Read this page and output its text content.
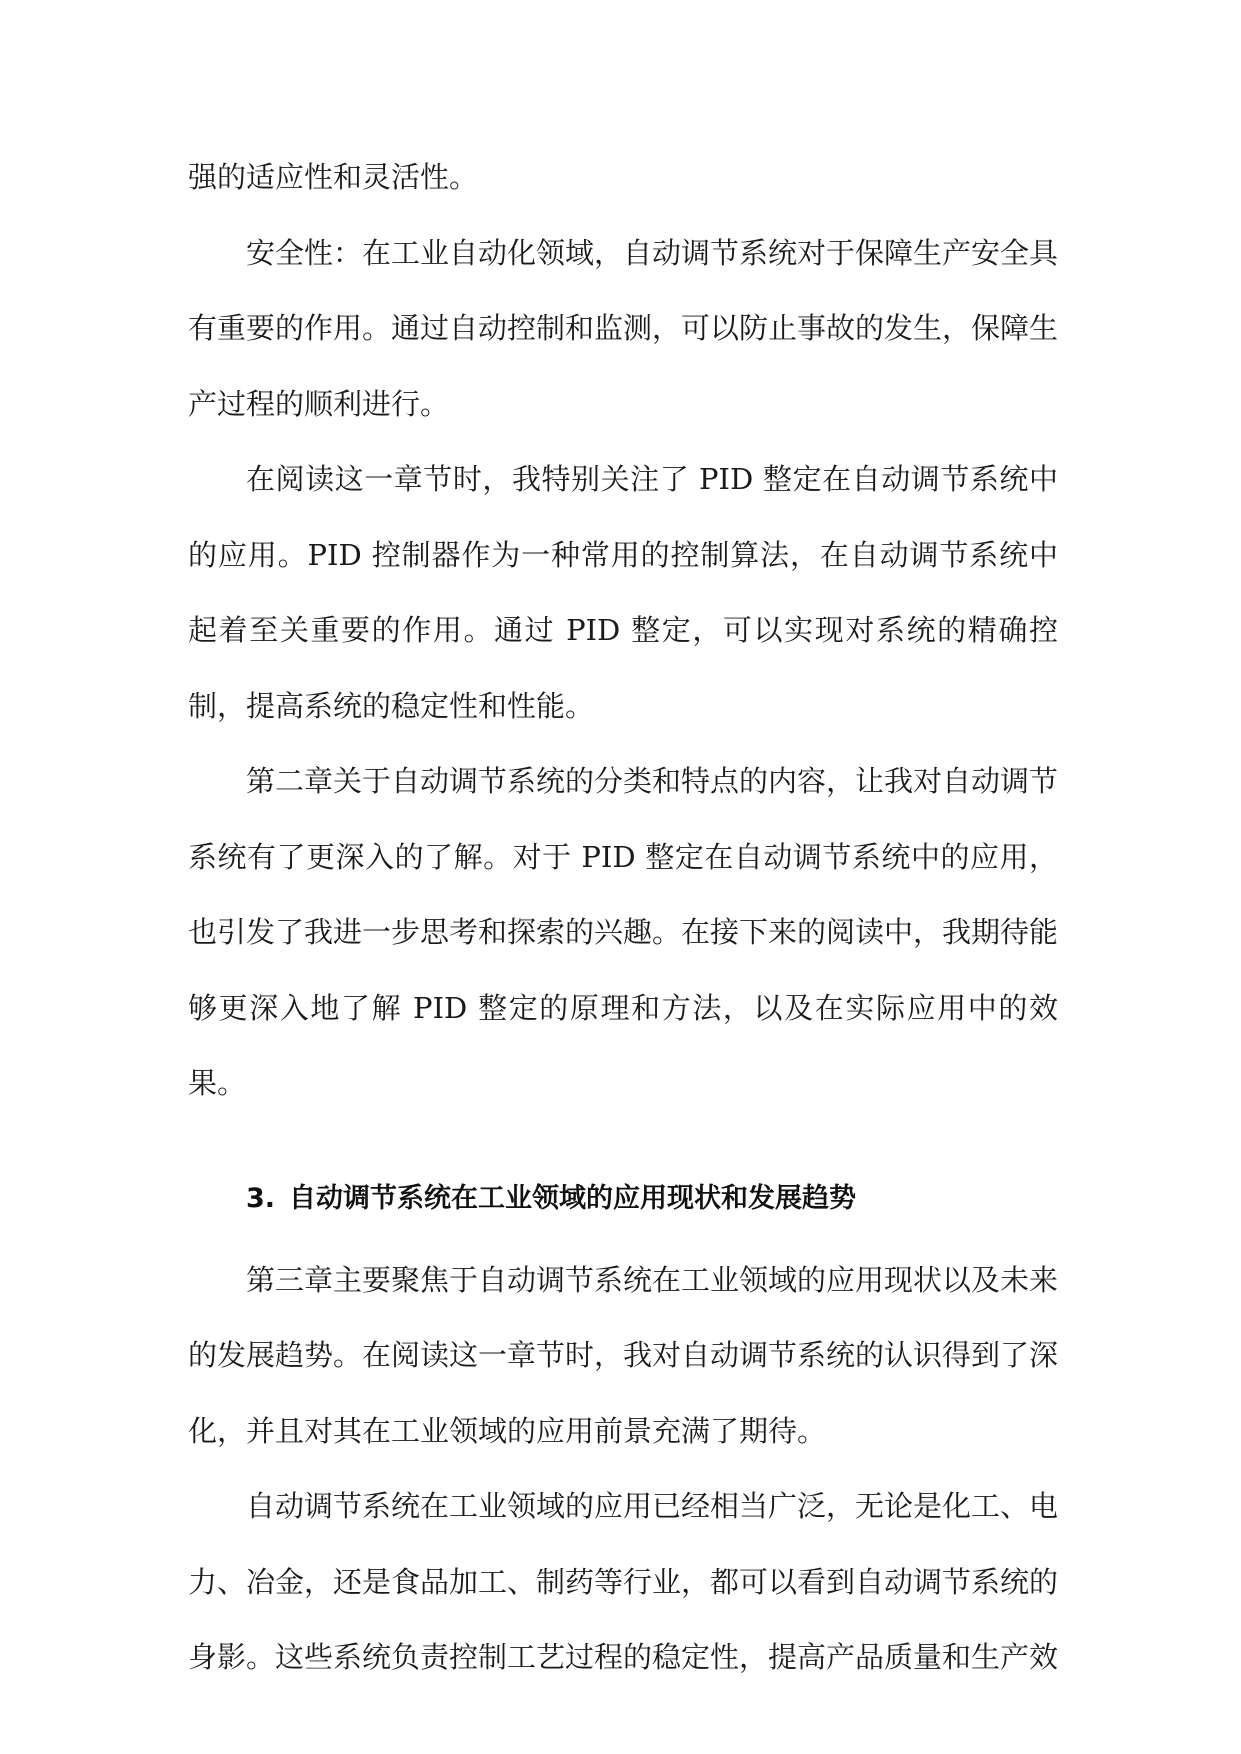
强的适应性和灵活性。

安全性：在工业自动化领域，自动调节系统对于保障生产安全具有重要的作用。通过自动控制和监测，可以防止事故的发生，保障生产过程的顺利进行。

在阅读这一章节时，我特别关注了 PID 整定在自动调节系统中的应用。PID 控制器作为一种常用的控制算法，在自动调节系统中起着至关重要的作用。通过 PID 整定，可以实现对系统的精确控制，提高系统的稳定性和性能。

第二章关于自动调节系统的分类和特点的内容，让我对自动调节系统有了更深入的了解。对于 PID 整定在自动调节系统中的应用，也引发了我进一步思考和探索的兴趣。在接下来的阅读中，我期待能够更深入地了解 PID 整定的原理和方法，以及在实际应用中的效果。

3. 自动调节系统在工业领域的应用现状和发展趋势

第三章主要聚焦于自动调节系统在工业领域的应用现状以及未来的发展趋势。在阅读这一章节时，我对自动调节系统的认识得到了深化，并且对其在工业领域的应用前景充满了期待。

自动调节系统在工业领域的应用已经相当广泛，无论是化工、电力、冶金，还是食品加工、制药等行业，都可以看到自动调节系统的身影。这些系统负责控制工艺过程的稳定性，提高产品质量和生产效
